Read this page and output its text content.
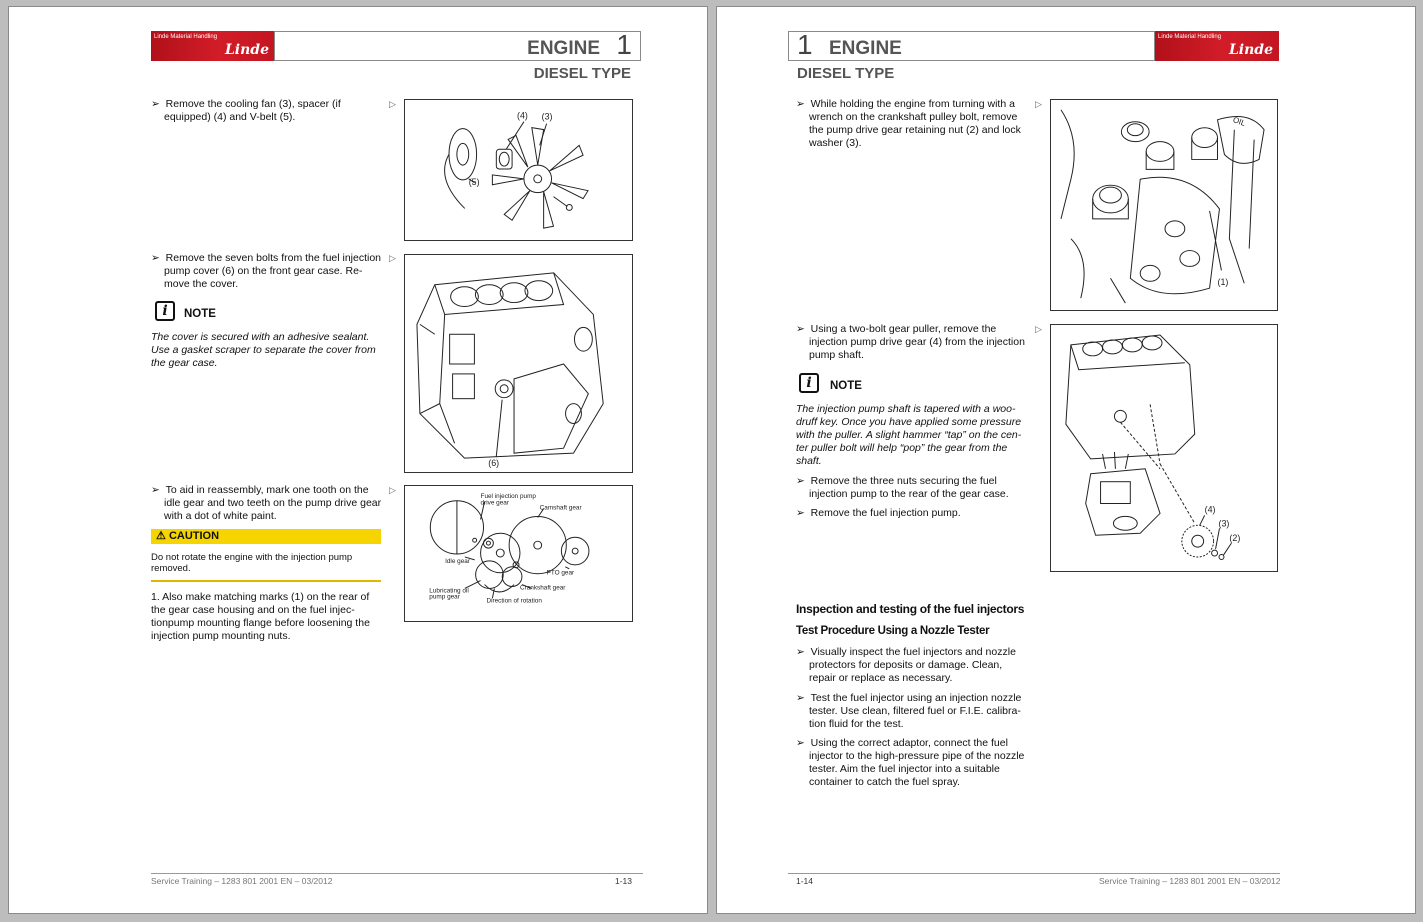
Linde Material Handling
Linde	ENGINE 1
DIESEL TYPE
➢ Remove the cooling fan (3), spacer (if equipped) (4) and V-belt (5).
▷
(4) (3)
(5)
➢ Remove the seven bolts from the fuel injection pump cover (6) on the front gear case. Re-move the cover.
▷
i	NOTE
The cover is secured with an adhesive sealant. Use a gasket scraper to separate the cover from the gear case.
(6)
➢ To aid in reassembly, mark one tooth on the idle gear and two teeth on the pump drive gear with a dot of white paint.
▷
⚠ CAUTION
Do not rotate the engine with the injection pump removed.
1. Also make matching marks (1) on the rear of the gear case housing and on the fuel injec-tionpump mounting flange before loosening the injection pump mounting nuts.
Fuel injection pump
drive gear
Camshaft gear
Idle gear
PTO gear
Crankshaft gear
Lubricating oil
pump gear
Direction of rotation
Service Training – 1283 801 2001 EN – 03/2012	1-13
1 ENGINE
Linde Material Handling
Linde
DIESEL TYPE
➢ While holding the engine from turning with a wrench on the crankshaft pulley bolt, remove the pump drive gear retaining nut (2) and lock washer (3).
▷
OIL
(1)
➢ Using a two-bolt gear puller, remove the injection pump drive gear (4) from the injection pump shaft.
▷
i	NOTE
The injection pump shaft is tapered with a woo-druff key. Once you have applied some pressure with the puller. A slight hammer “tap” on the cen-ter puller bolt will help “pop” the gear from the shaft.
➢ Remove the three nuts securing the fuel injection pump to the rear of the gear case.
➢ Remove the fuel injection pump.	(4)
(3)
(2)
Inspection and testing of the fuel injectors
Test Procedure Using a Nozzle Tester
➢ Visually inspect the fuel injectors and nozzle protectors for deposits or damage. Clean, repair or replace as necessary.
➢ Test the fuel injector using an injection nozzle tester. Use clean, filtered fuel or F.I.E. calibra-tion fluid for the test.
➢ Using the correct adaptor, connect the fuel injector to the high-pressure pipe of the nozzle tester. Aim the fuel injector into a suitable container to catch the fuel spray.
1-14	Service Training – 1283 801 2001 EN – 03/2012
